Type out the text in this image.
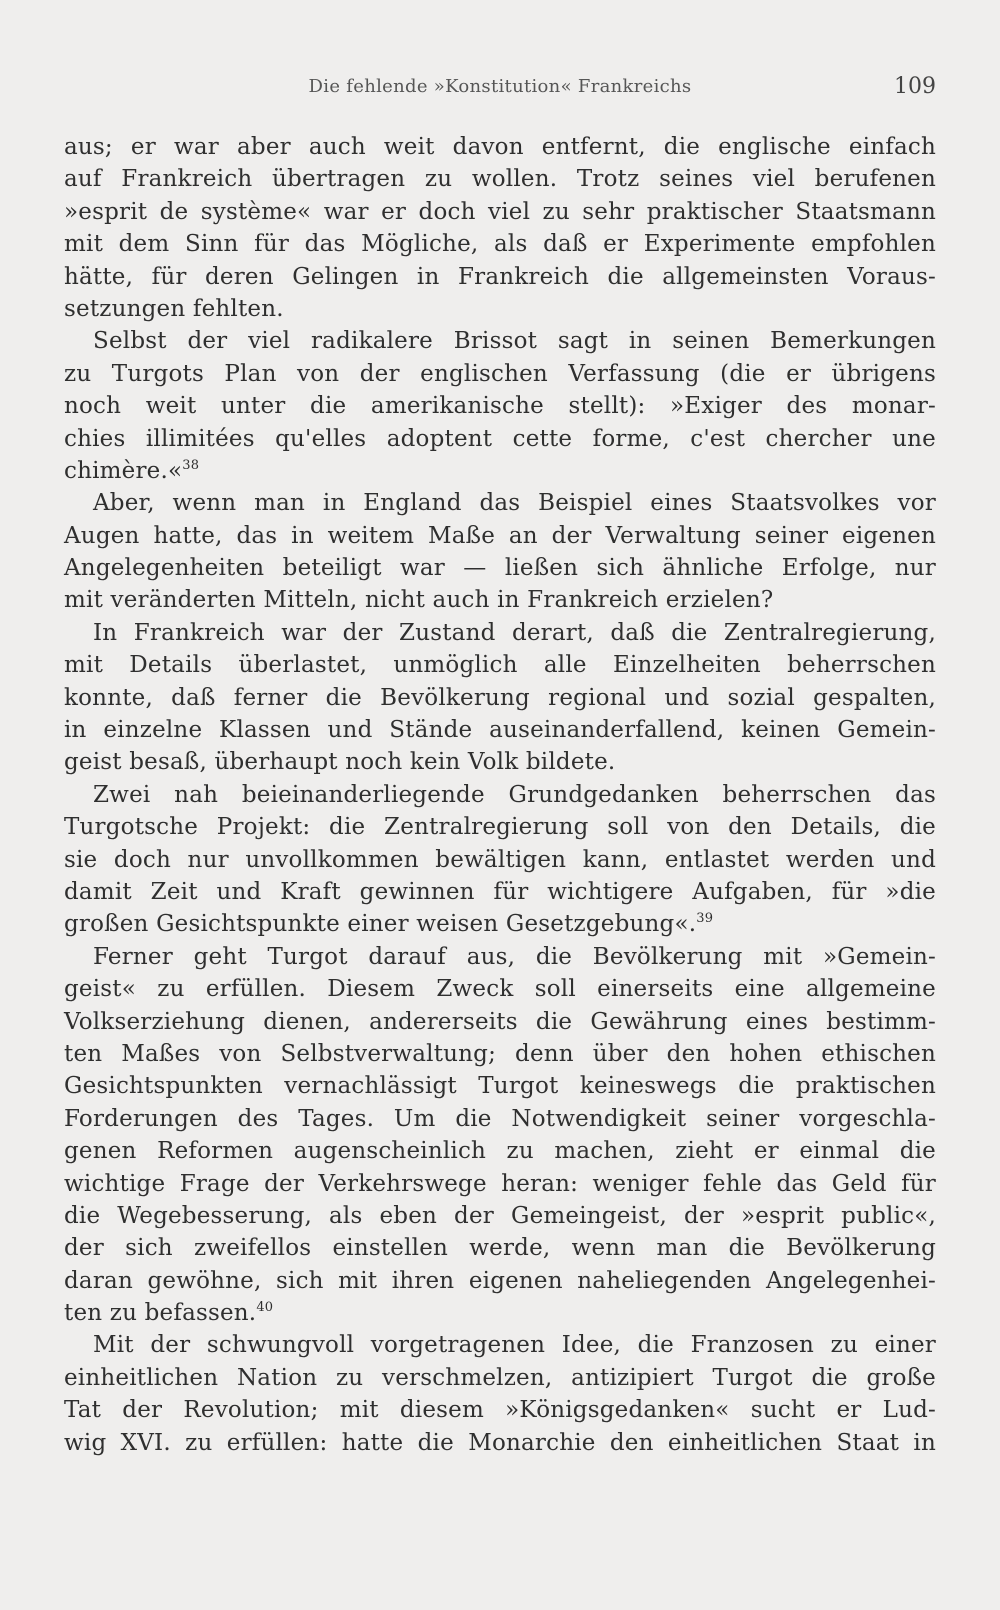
Die fehlende »Konstitution« Frankreichs	109
aus; er war aber auch weit davon entfernt, die englische einfach
auf Frankreich übertragen zu wollen. Trotz seines viel berufenen
»esprit de système« war er doch viel zu sehr praktischer Staatsmann
mit dem Sinn für das Mögliche, als daß er Experimente empfohlen
hätte, für deren Gelingen in Frankreich die allgemeinsten Voraus-
setzungen fehlten.
Selbst der viel radikalere Brissot sagt in seinen Bemerkungen
zu Turgots Plan von der englischen Verfassung (die er übrigens
noch weit unter die amerikanische stellt): »Exiger des monar-
chies illimitées qu'elles adoptent cette forme, c'est chercher une
chimère.«$^{38}$
Aber, wenn man in England das Beispiel eines Staatsvolkes vor
Augen hatte, das in weitem Maße an der Verwaltung seiner eigenen
Angelegenheiten beteiligt war — ließen sich ähnliche Erfolge, nur
mit veränderten Mitteln, nicht auch in Frankreich erzielen?
In Frankreich war der Zustand derart, daß die Zentralregierung,
mit Details überlastet, unmöglich alle Einzelheiten beherrschen
konnte, daß ferner die Bevölkerung regional und sozial gespalten,
in einzelne Klassen und Stände auseinanderfallend, keinen Gemein-
geist besaß, überhaupt noch kein Volk bildete.
Zwei nah beieinanderliegende Grundgedanken beherrschen das
Turgotsche Projekt: die Zentralregierung soll von den Details, die
sie doch nur unvollkommen bewältigen kann, entlastet werden und
damit Zeit und Kraft gewinnen für wichtigere Aufgaben, für »die
großen Gesichtspunkte einer weisen Gesetzgebung«.$^{39}$
Ferner geht Turgot darauf aus, die Bevölkerung mit »Gemein-
geist« zu erfüllen. Diesem Zweck soll einerseits eine allgemeine
Volkserziehung dienen, andererseits die Gewährung eines bestimm-
ten Maßes von Selbstverwaltung; denn über den hohen ethischen
Gesichtspunkten vernachlässigt Turgot keineswegs die praktischen
Forderungen des Tages. Um die Notwendigkeit seiner vorgeschla-
genen Reformen augenscheinlich zu machen, zieht er einmal die
wichtige Frage der Verkehrswege heran: weniger fehle das Geld für
die Wegebesserung, als eben der Gemeingeist, der »esprit public«,
der sich zweifellos einstellen werde, wenn man die Bevölkerung
daran gewöhne, sich mit ihren eigenen naheliegenden Angelegenhei-
ten zu befassen.$^{40}$
Mit der schwungvoll vorgetragenen Idee, die Franzosen zu einer
einheitlichen Nation zu verschmelzen, antizipiert Turgot die große
Tat der Revolution; mit diesem »Königsgedanken« sucht er Lud-
wig XVI. zu erfüllen: hatte die Monarchie den einheitlichen Staat in
